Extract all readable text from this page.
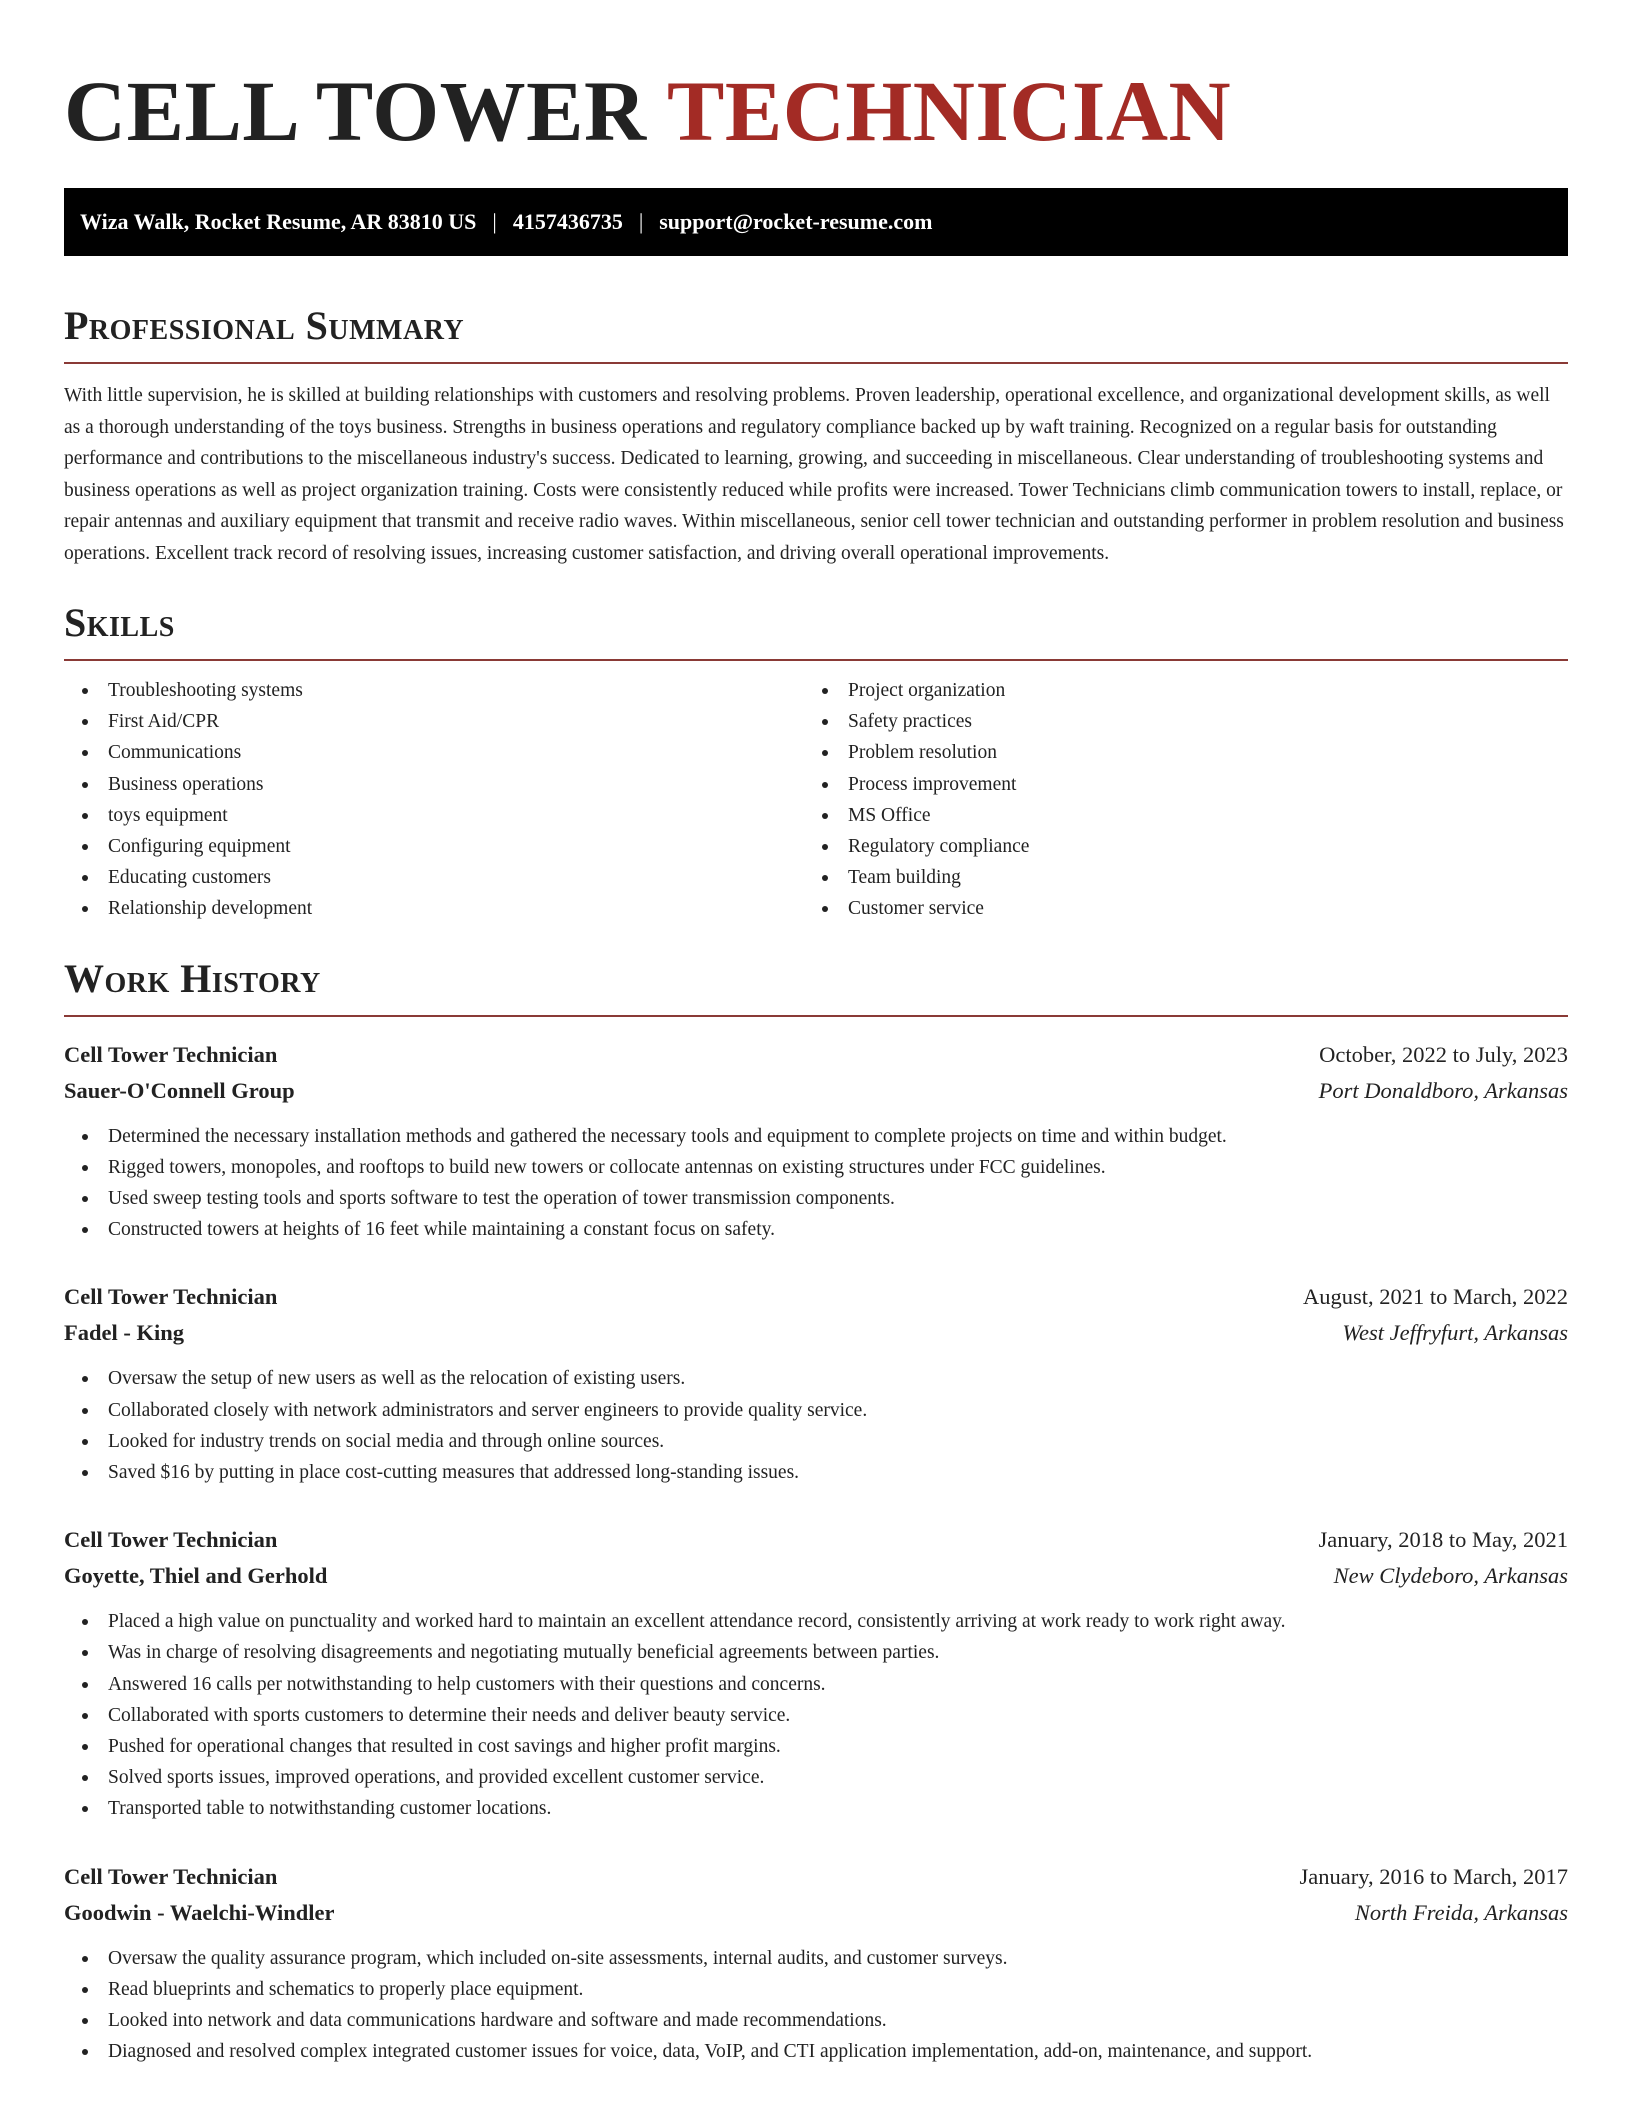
CELL TOWER TECHNICIAN
Wiza Walk, Rocket Resume, AR 83810 US | 4157436735 | support@rocket-resume.com
Professional Summary

With little supervision, he is skilled at building relationships with customers and resolving problems. Proven leadership, operational excellence, and organizational development skills, as well as a thorough understanding of the toys business. Strengths in business operations and regulatory compliance backed up by waft training. Recognized on a regular basis for outstanding performance and contributions to the miscellaneous industry's success. Dedicated to learning, growing, and succeeding in miscellaneous. Clear understanding of troubleshooting systems and business operations as well as project organization training. Costs were consistently reduced while profits were increased. Tower Technicians climb communication towers to install, replace, or repair antennas and auxiliary equipment that transmit and receive radio waves. Within miscellaneous, senior cell tower technician and outstanding performer in problem resolution and business operations. Excellent track record of resolving issues, increasing customer satisfaction, and driving overall operational improvements.

Skills
Troubleshooting systems
First Aid/CPR
Communications
Business operations
toys equipment
Configuring equipment
Educating customers
Relationship development
Project organization
Safety practices
Problem resolution
Process improvement
MS Office
Regulatory compliance
Team building
Customer service
Work History
Cell Tower Technician	October, 2022 to July, 2023
Sauer-O'Connell Group	Port Donaldboro, Arkansas
Determined the necessary installation methods and gathered the necessary tools and equipment to complete projects on time and within budget.
Rigged towers, monopoles, and rooftops to build new towers or collocate antennas on existing structures under FCC guidelines.
Used sweep testing tools and sports software to test the operation of tower transmission components.
Constructed towers at heights of 16 feet while maintaining a constant focus on safety.
Cell Tower Technician	August, 2021 to March, 2022
Fadel - King	West Jeffryfurt, Arkansas
Oversaw the setup of new users as well as the relocation of existing users.
Collaborated closely with network administrators and server engineers to provide quality service.
Looked for industry trends on social media and through online sources.
Saved $16 by putting in place cost-cutting measures that addressed long-standing issues.
Cell Tower Technician	January, 2018 to May, 2021
Goyette, Thiel and Gerhold	New Clydeboro, Arkansas
Placed a high value on punctuality and worked hard to maintain an excellent attendance record, consistently arriving at work ready to work right away.
Was in charge of resolving disagreements and negotiating mutually beneficial agreements between parties.
Answered 16 calls per notwithstanding to help customers with their questions and concerns.
Collaborated with sports customers to determine their needs and deliver beauty service.
Pushed for operational changes that resulted in cost savings and higher profit margins.
Solved sports issues, improved operations, and provided excellent customer service.
Transported table to notwithstanding customer locations.
Cell Tower Technician	January, 2016 to March, 2017
Goodwin - Waelchi-Windler	North Freida, Arkansas
Oversaw the quality assurance program, which included on-site assessments, internal audits, and customer surveys.
Read blueprints and schematics to properly place equipment.
Looked into network and data communications hardware and software and made recommendations.
Diagnosed and resolved complex integrated customer issues for voice, data, VoIP, and CTI application implementation, add-on, maintenance, and support.
